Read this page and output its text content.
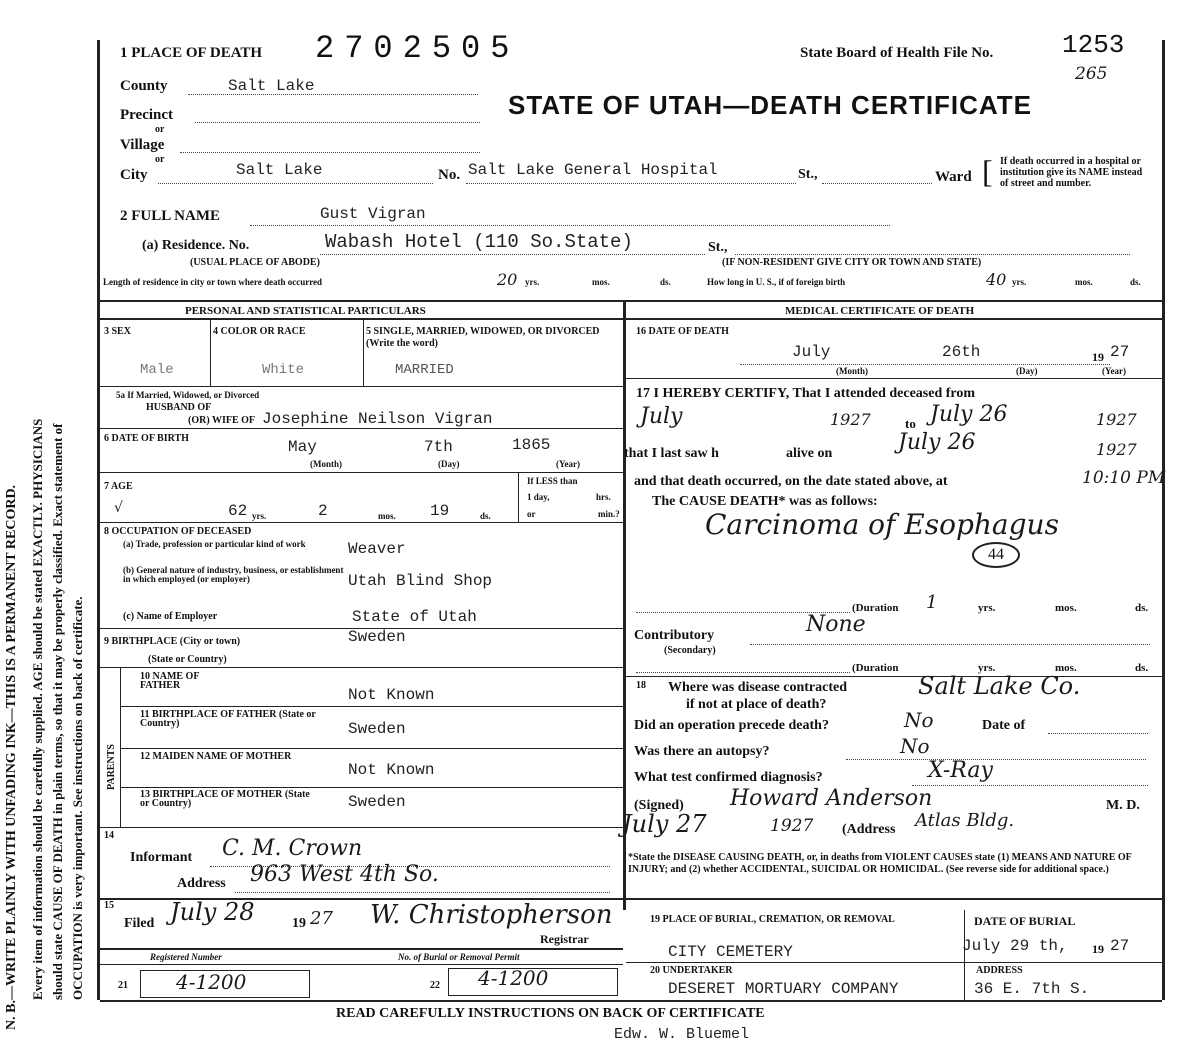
N. B.—WRITE PLAINLY WITH UNFADING INK—THIS IS A PERMANENT RECORD. Every item of information should be carefully supplied. AGE should be stated EXACTLY. PHYSICIANS should state CAUSE OF DEATH in plain terms, so that it may be properly classified. Exact statement of OCCUPATION is very important. See instructions on back of certificate.
1 PLACE OF DEATH 2702505	State Board of Health File No.	1253
265
STATE OF UTAH—DEATH CERTIFICATE
County	Salt Lake
Precinct
or
Village
or
City	Salt Lake	No. Salt Lake General Hospital	St.,	Ward [ If death occurred in a hospital or institution give its NAME instead of street and number.
2 FULL NAME	Gust Vigran
(a) Residence. No.	Wabash Hotel (110 So.State)	St.,
(USUAL PLACE OF ABODE)	(IF NON-RESIDENT GIVE CITY OR TOWN AND STATE)
Length of residence in city or town where death occurred	20 yrs.	mos.	ds.	How long in U. S., if of foreign birth	40 yrs.	mos.	ds.
PERSONAL AND STATISTICAL PARTICULARS	MEDICAL CERTIFICATE OF DEATH
3 SEX
Male
4 COLOR OR RACE
White
5 SINGLE, MARRIED, WIDOWED, OR DIVORCED (Write the word)
MARRIED
5a If Married, Widowed, or Divorced
HUSBAND OF
(OR) WIFE OF Josephine Neilson Vigran
6 DATE OF BIRTH	May	7th	1865
(Month)	(Day)	(Year)
7 AGE
√	62 yrs.	2	mos. 19	ds.
If LESS than
1 day,	hrs.
or	min.?
8 OCCUPATION OF DECEASED
(a) Trade, profession or particular kind of work	Weaver
(b) General nature of industry, business, or establishment in which employed (or employer)	Utah Blind Shop
(c) Name of Employer	State of Utah
9 BIRTHPLACE (City or town)
(State or Country)
Sweden
PARENTS
10 NAME OF FATHER
Not Known
11 BIRTHPLACE OF FATHER (State or Country)	Sweden
12 MAIDEN NAME OF MOTHER
Not Known
13 BIRTHPLACE OF MOTHER (State or Country)	Sweden
14
Informant C. M. Crown
Address 963 West 4th So.
15
Filed July 28	19 27 W. Christopherson
Registrar
Registered Number	No. of Burial or Removal Permit
21	22
4-1200	4-1200
16 DATE OF DEATH
July	26th	19 27
(Month)	(Day)	(Year)
17 I HEREBY CERTIFY, That I attended deceased from
July	1927	to July 26	1927
that I last saw h	alive on	July 26	1927
and that death occurred, on the date stated above, at	10:10 PM
The CAUSE DEATH* was as follows:
Carcinoma of Esophagus
44
(Duration 1	yrs.	mos.	ds.
Contributory
(Secondary)
None
(Duration	yrs.	mos.	ds.
18 Where was disease contracted
if not at place of death?
Salt Lake Co.
Did an operation precede death?	No	Date of
Was there an autopsy?	No
What test confirmed diagnosis?	X-Ray
(Signed) Howard Anderson	M. D.
July 27	1927 (Address Atlas Bldg.
*State the DISEASE CAUSING DEATH, or, in deaths from VIOLENT CAUSES state (1) MEANS AND NATURE OF INJURY; and (2) whether ACCIDENTAL, SUICIDAL OR HOMICIDAL. (See reverse side for additional space.)
19 PLACE OF BURIAL, CREMATION, OR REMOVAL
CITY CEMETERY
DATE OF BURIAL
July 29 th, 19 27
20 UNDERTAKER
DESERET MORTUARY COMPANY
ADDRESS
36 E. 7th S.
READ CAREFULLY INSTRUCTIONS ON BACK OF CERTIFICATE
Edw. W. Bluemel
